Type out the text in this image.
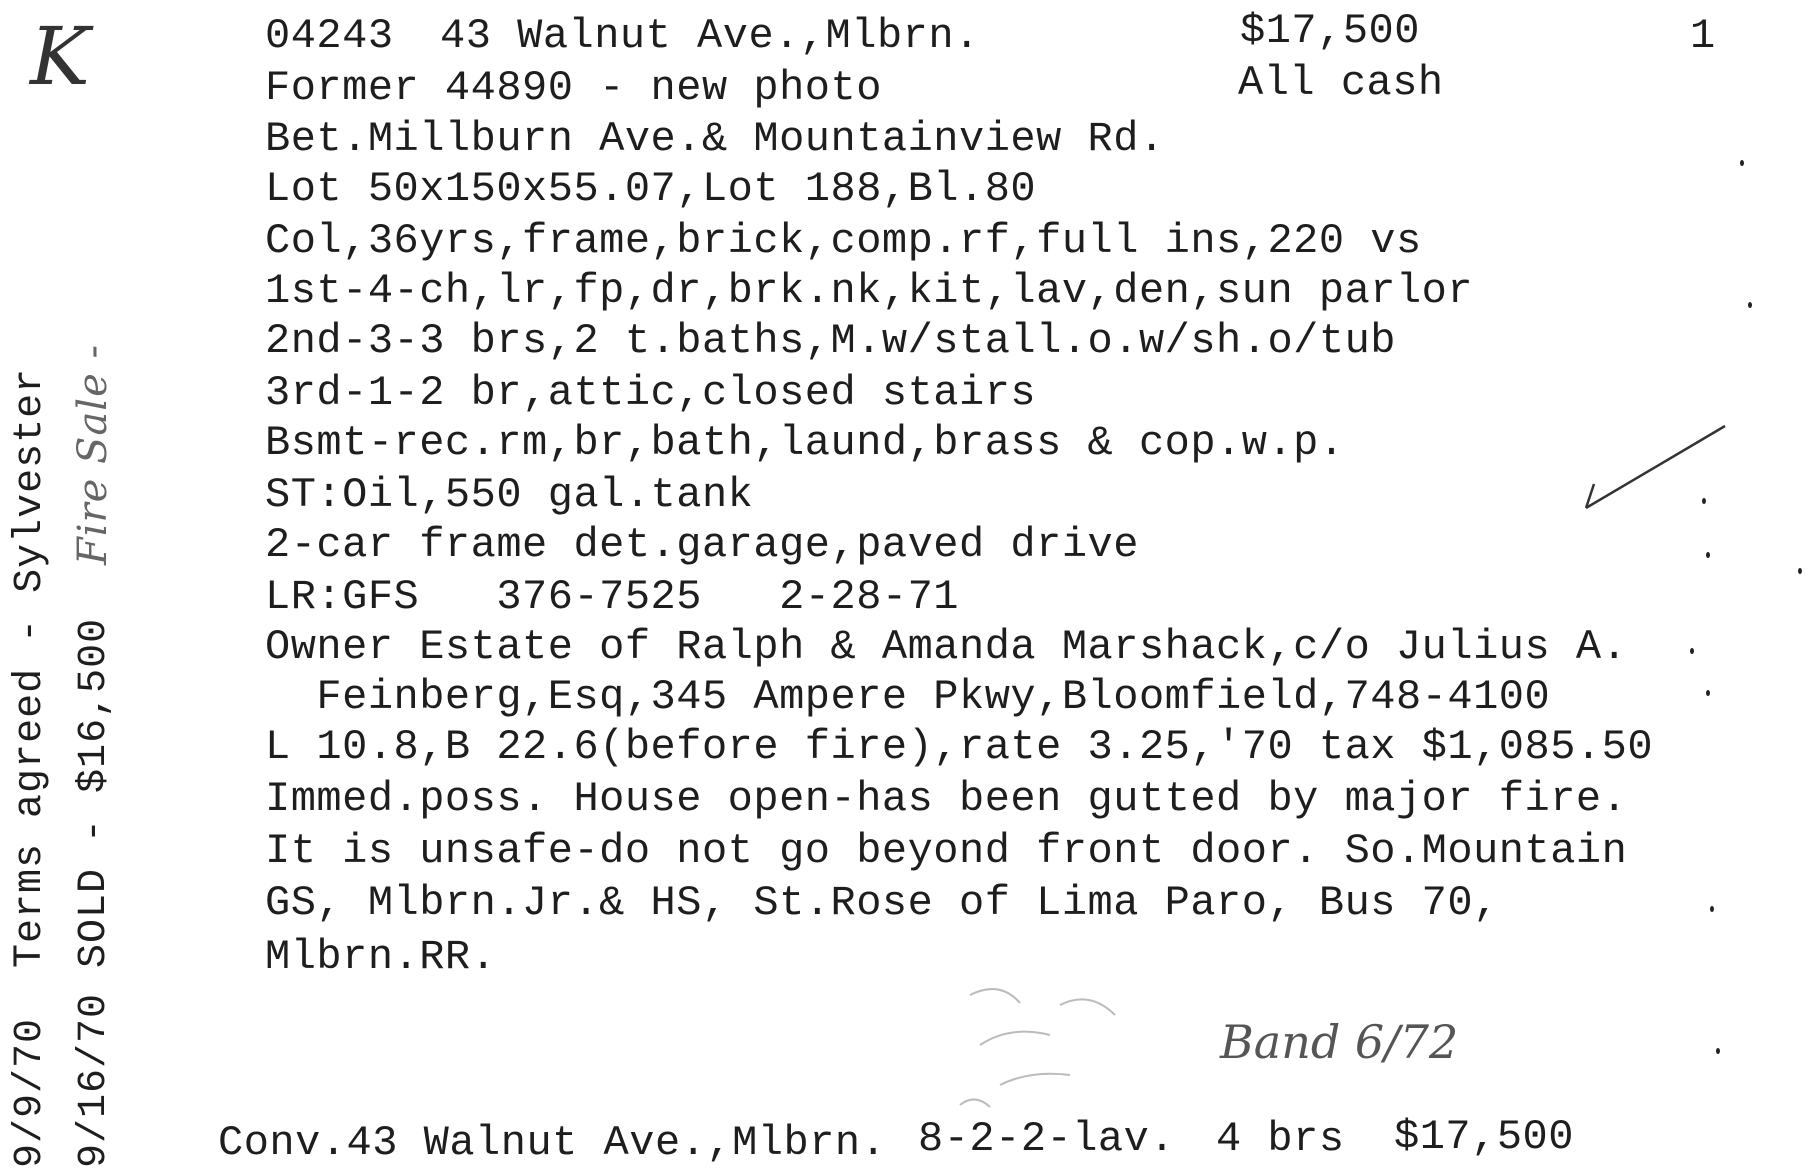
K	04243 43 Walnut Ave.,Mlbrn.	$17,500	1
Former 44890 - new photo	All cash
Bet.Millburn Ave.& Mountainview Rd.
Lot 50x150x55.07,Lot 188,Bl.80
Col,36yrs,frame,brick,comp.rf,full ins,220 vs
1st-4-ch,lr,fp,dr,brk.nk,kit,lav,den,sun parlor
2nd-3-3 brs,2 t.baths,M.w/stall.o.w/sh.o/tub
3rd-1-2 br,attic,closed stairs
Bsmt-rec.rm,br,bath,laund,brass & cop.w.p.
ST:Oil,550 gal.tank
2-car frame det.garage,paved drive
LR:GFS   376-7525   2-28-71
Owner Estate of Ralph & Amanda Marshack,c/o Julius A.
Feinberg,Esq,345 Ampere Pkwy,Bloomfield,748-4100
L 10.8,B 22.6(before fire),rate 3.25,'70 tax $1,085.50
Immed.poss. House open-has been gutted by major fire.
It is unsafe-do not go beyond front door. So.Mountain
GS, Mlbrn.Jr.& HS, St.Rose of Lima Paro, Bus 70,
Mlbrn.RR.
Band 6/72
Conv.43 Walnut Ave.,Mlbrn. 8-2-2-lav. 4 brs $17,500
9/9/70  Terms agreed - Sylvester 9/16/70 SOLD - $16,500
Fire Sale -
